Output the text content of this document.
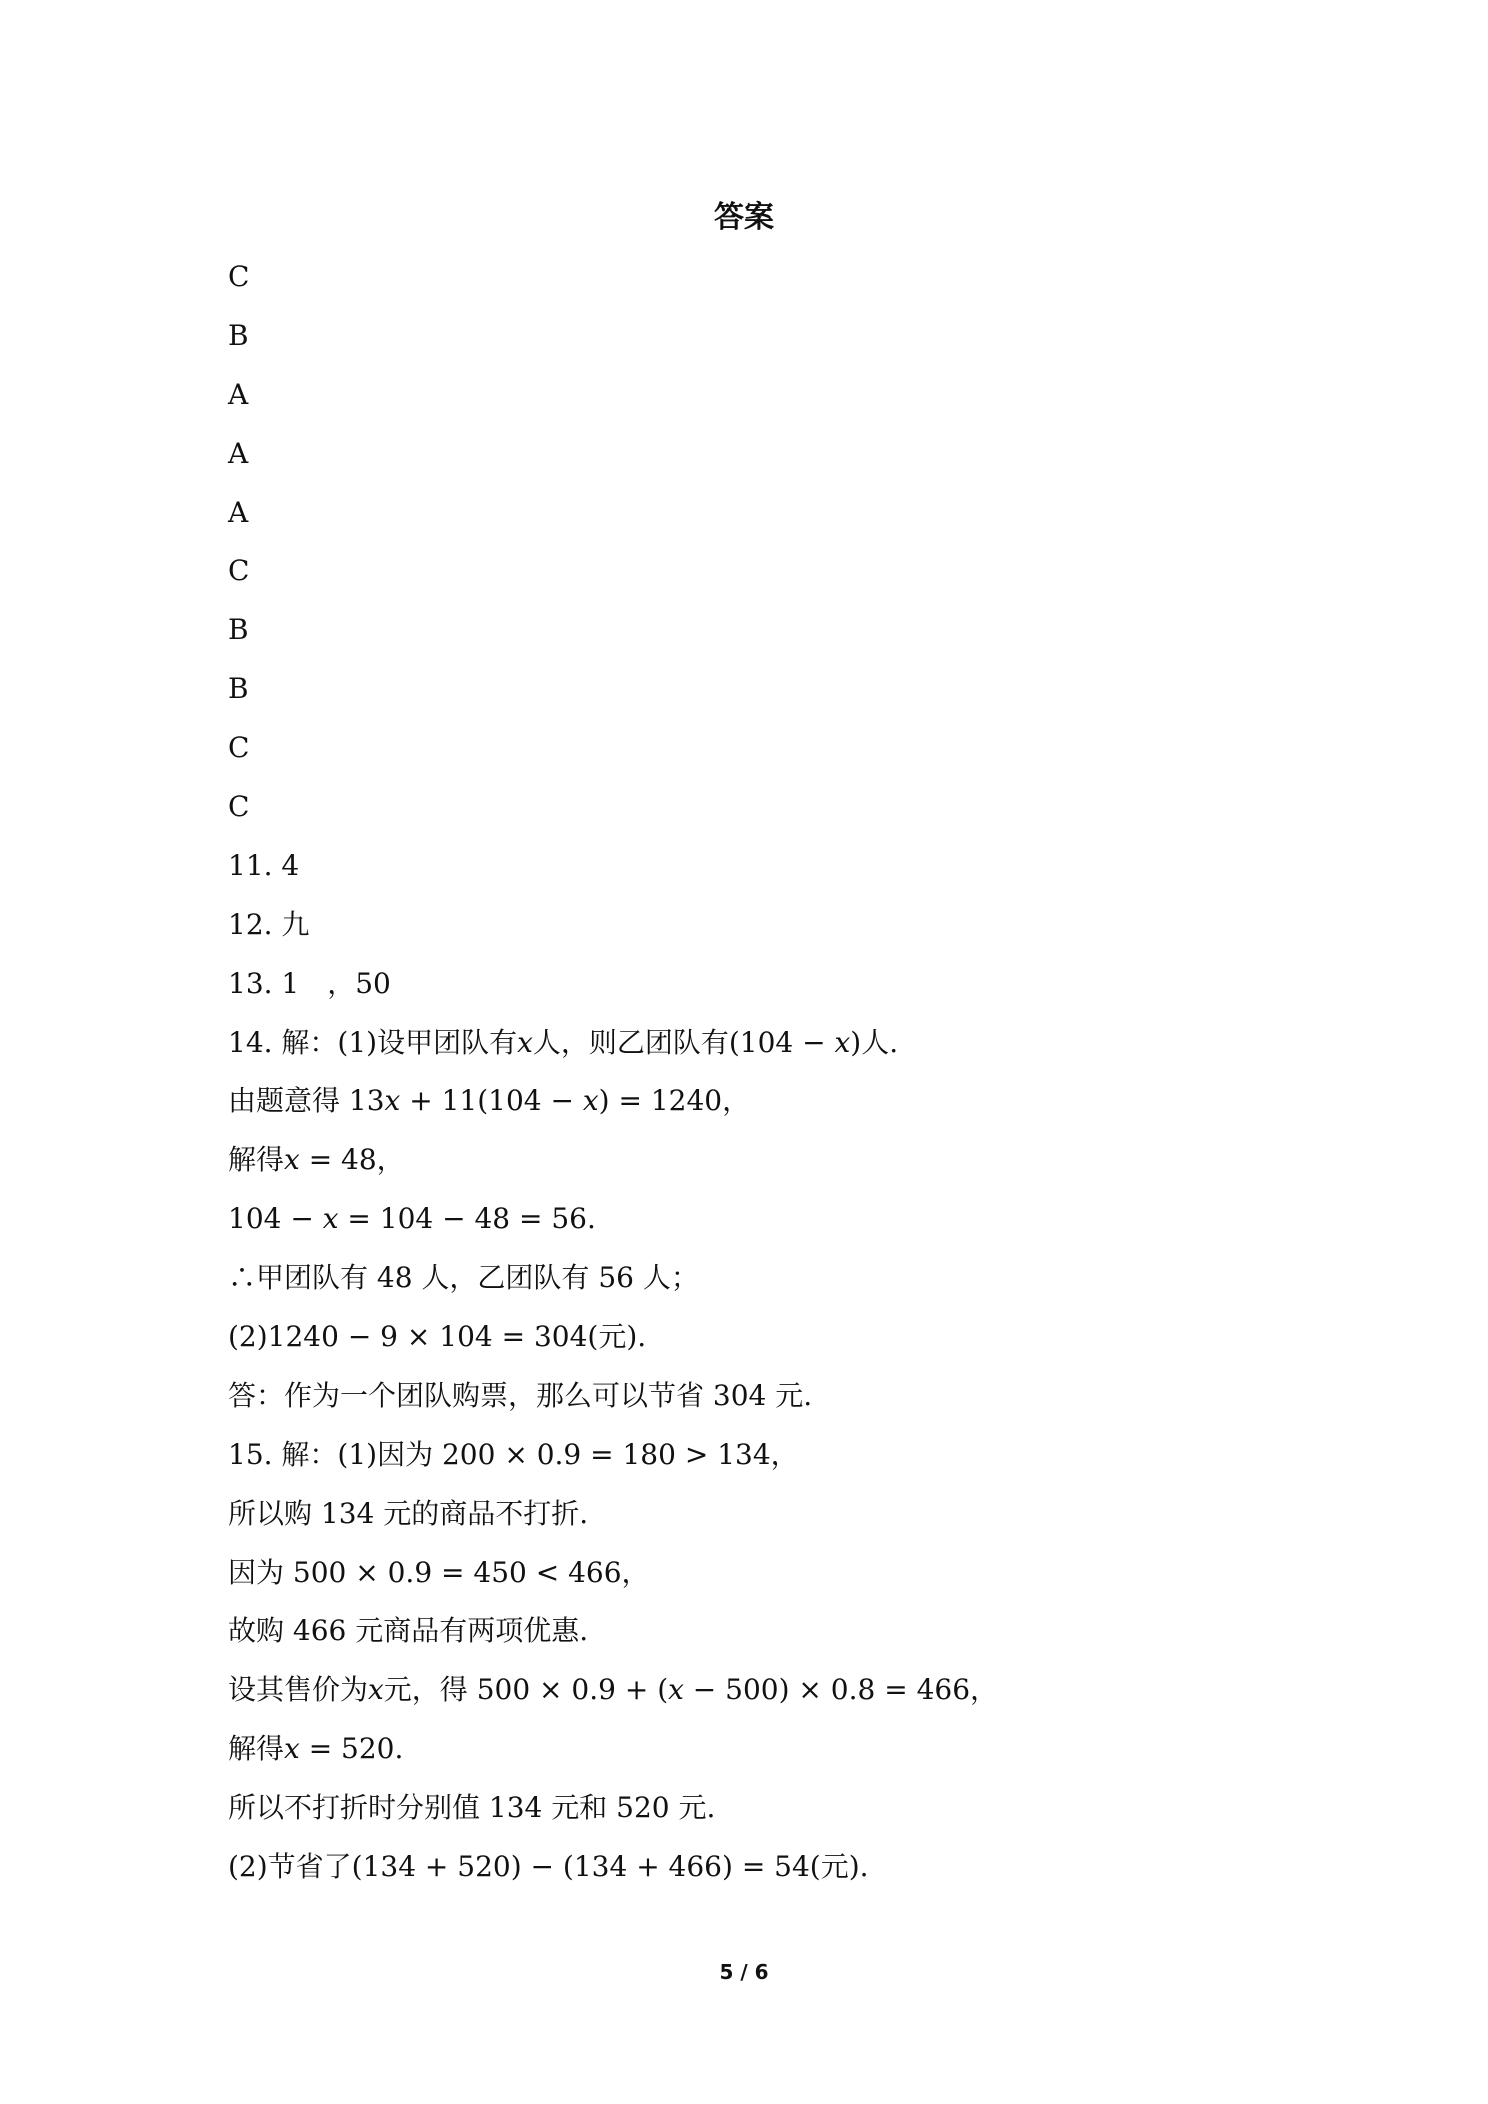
答案
C
B
A
A
A
C
B
B
C
C
11. 4
12. 九
13. 1　，50
14. 解：(1)设甲团队有𝑥人，则乙团队有(104 − 𝑥)人.
由题意得 13𝑥 + 11(104 − 𝑥) = 1240，
解得𝑥 = 48，
104 − 𝑥 = 104 − 48 = 56.
∴甲团队有 48 人，乙团队有 56 人；
(2)1240 − 9 × 104 = 304(元).
答：作为一个团队购票，那么可以节省 304 元.
15. 解：(1)因为 200 × 0.9 = 180 > 134，
所以购 134 元的商品不打折.
因为 500 × 0.9 = 450 < 466，
故购 466 元商品有两项优惠.
设其售价为𝑥元，得 500 × 0.9 + (𝑥 − 500) × 0.8 = 466，
解得𝑥 = 520.
所以不打折时分别值 134 元和 520 元.
(2)节省了(134 + 520) − (134 + 466) = 54(元).
5 / 6
